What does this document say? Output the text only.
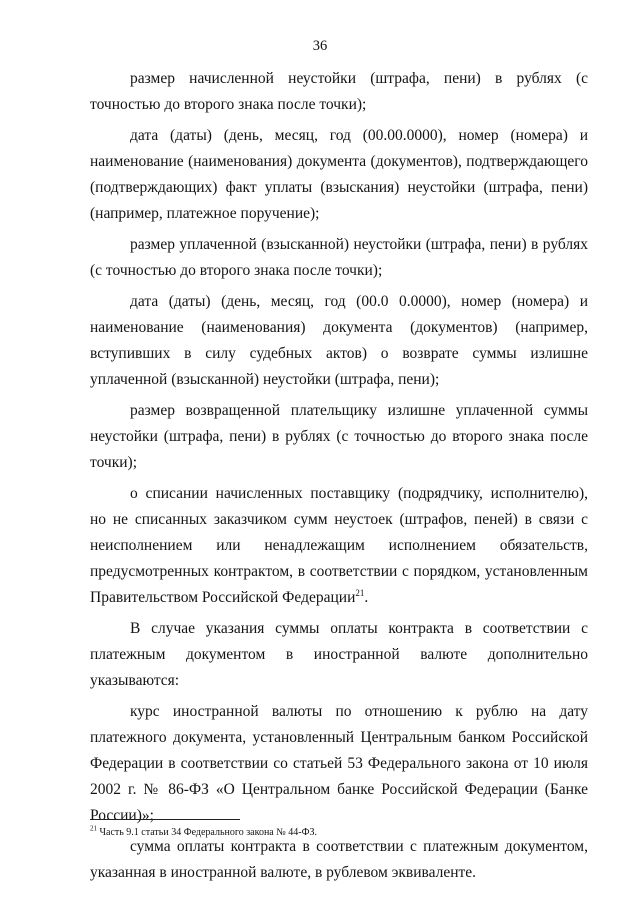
36

размер начисленной неустойки (штрафа, пени) в рублях (с точностью до второго знака после точки);

дата (даты) (день, месяц, год (00.00.0000), номер (номера) и наименование (наименования) документа (документов), подтверждающего (подтверждающих) факт уплаты (взыскания) неустойки (штрафа, пени) (например, платежное поручение);

размер уплаченной (взысканной) неустойки (штрафа, пени) в рублях (с точностью до второго знака после точки);

дата (даты) (день, месяц, год (00.0 0.0000), номер (номера) и наименование (наименования) документа (документов) (например, вступивших в силу судебных актов) о возврате суммы излишне уплаченной (взысканной) неустойки (штрафа, пени);

размер возвращенной плательщику излишне уплаченной суммы неустойки (штрафа, пени) в рублях (с точностью до второго знака после точки);

о списании начисленных поставщику (подрядчику, исполнителю), но не списанных заказчиком сумм неустоек (штрафов, пеней) в связи с неисполнением или ненадлежащим исполнением обязательств, предусмотренных контрактом, в соответствии с порядком, установленным Правительством Российской Федерации$^{21}$.

В случае указания суммы оплаты контракта в соответствии с платежным документом в иностранной валюте дополнительно указываются:

курс иностранной валюты по отношению к рублю на дату платежного документа, установленный Центральным банком Российской Федерации в соответствии со статьей 53 Федерального закона от 10 июля 2002 г. № 86-ФЗ «О Центральном банке Российской Федерации (Банке России)»;

сумма оплаты контракта в соответствии с платежным документом, указанная в иностранной валюте, в рублевом эквиваленте.

$^{21}$ Часть 9.1 статьи 34 Федерального закона № 44-ФЗ.
